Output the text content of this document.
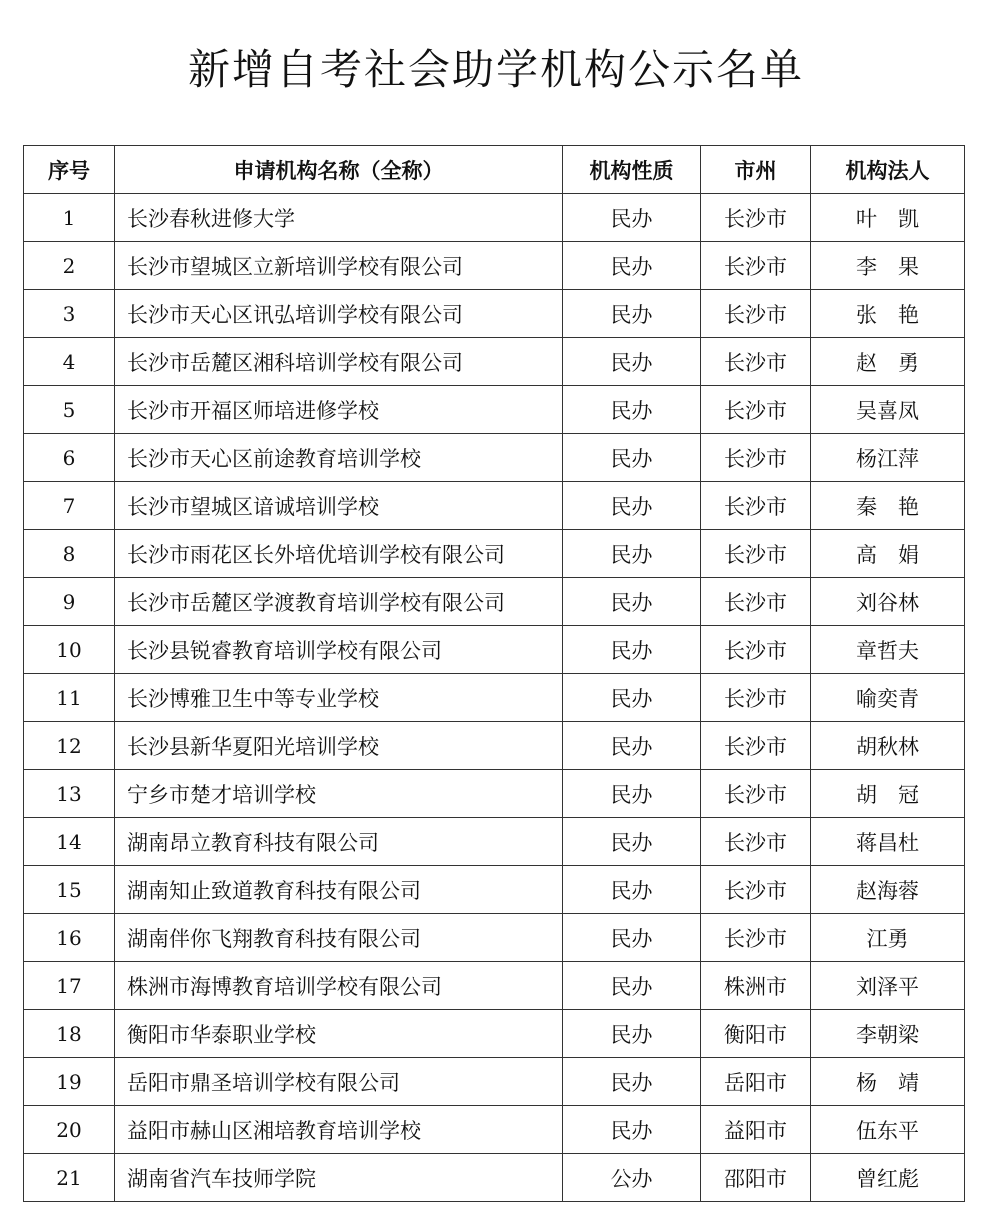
新增自考社会助学机构公示名单
序号	申请机构名称（全称）	机构性质	市州	机构法人
1	长沙春秋进修大学	民办	长沙市	叶　凯
2	长沙市望城区立新培训学校有限公司	民办	长沙市	李　果
3	长沙市天心区讯弘培训学校有限公司	民办	长沙市	张　艳
4	长沙市岳麓区湘科培训学校有限公司	民办	长沙市	赵　勇
5	长沙市开福区师培进修学校	民办	长沙市	吴喜凤
6	长沙市天心区前途教育培训学校	民办	长沙市	杨江萍
7	长沙市望城区谙诚培训学校	民办	长沙市	秦　艳
8	长沙市雨花区长外培优培训学校有限公司	民办	长沙市	高　娟
9	长沙市岳麓区学渡教育培训学校有限公司	民办	长沙市	刘谷林
10	长沙县锐睿教育培训学校有限公司	民办	长沙市	章哲夫
11	长沙博雅卫生中等专业学校	民办	长沙市	喻奕青
12	长沙县新华夏阳光培训学校	民办	长沙市	胡秋林
13	宁乡市楚才培训学校	民办	长沙市	胡　冠
14	湖南昂立教育科技有限公司	民办	长沙市	蒋昌杜
15	湖南知止致道教育科技有限公司	民办	长沙市	赵海蓉
16	湖南伴你飞翔教育科技有限公司	民办	长沙市	江勇
17	株洲市海博教育培训学校有限公司	民办	株洲市	刘泽平
18	衡阳市华泰职业学校	民办	衡阳市	李朝梁
19	岳阳市鼎圣培训学校有限公司	民办	岳阳市	杨　靖
20	益阳市赫山区湘培教育培训学校	民办	益阳市	伍东平
21	湖南省汽车技师学院	公办	邵阳市	曾红彪
